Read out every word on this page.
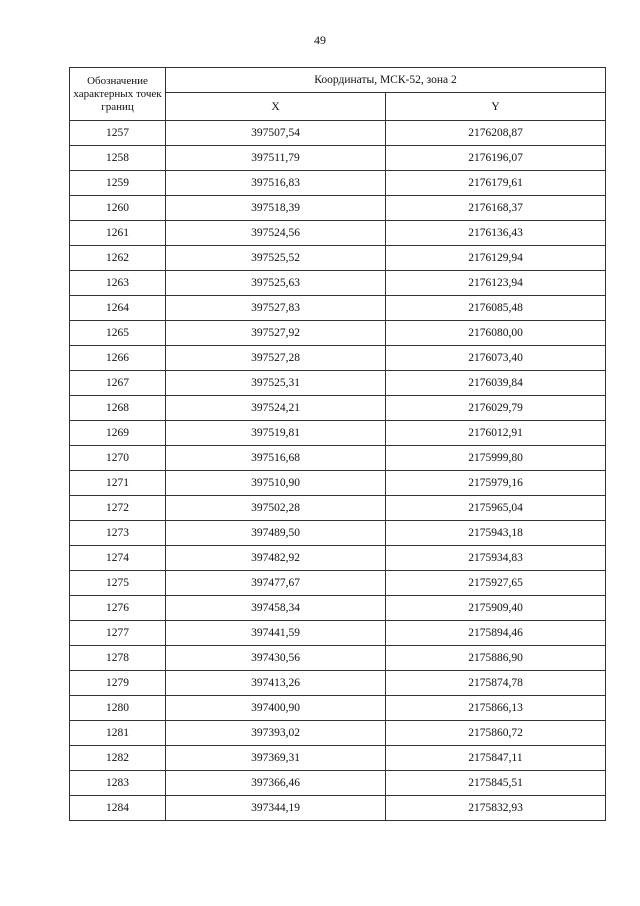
49
Обозначение характерных точек границ	Координаты, МСК-52, зона 2	
	X	Y
1257	397507,54	2176208,87
1258	397511,79	2176196,07
1259	397516,83	2176179,61
1260	397518,39	2176168,37
1261	397524,56	2176136,43
1262	397525,52	2176129,94
1263	397525,63	2176123,94
1264	397527,83	2176085,48
1265	397527,92	2176080,00
1266	397527,28	2176073,40
1267	397525,31	2176039,84
1268	397524,21	2176029,79
1269	397519,81	2176012,91
1270	397516,68	2175999,80
1271	397510,90	2175979,16
1272	397502,28	2175965,04
1273	397489,50	2175943,18
1274	397482,92	2175934,83
1275	397477,67	2175927,65
1276	397458,34	2175909,40
1277	397441,59	2175894,46
1278	397430,56	2175886,90
1279	397413,26	2175874,78
1280	397400,90	2175866,13
1281	397393,02	2175860,72
1282	397369,31	2175847,11
1283	397366,46	2175845,51
1284	397344,19	2175832,93
